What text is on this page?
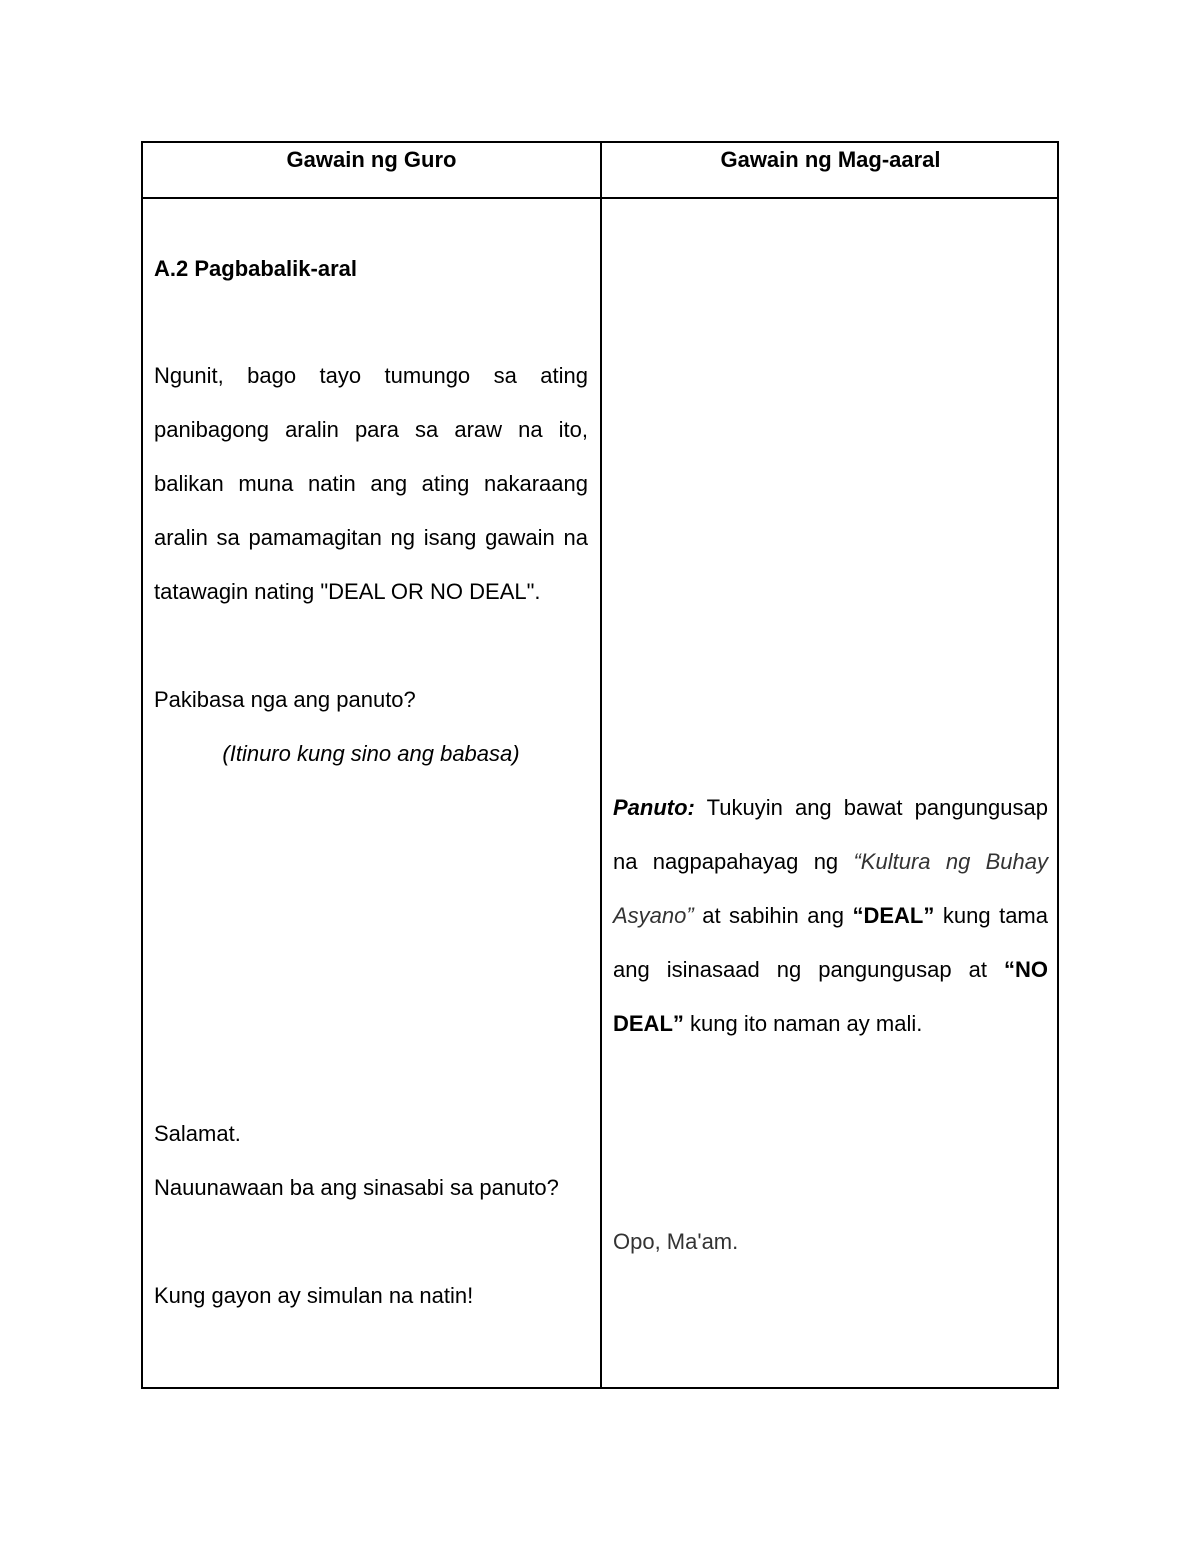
Gawain ng Guro	Gawain ng Mag-aaral
A.2 Pagbabalik-aral
Ngunit, bago tayo tumungo sa ating panibagong aralin para sa araw na ito, balikan muna natin ang ating nakaraang aralin sa pamamagitan ng isang gawain na tatawagin nating "DEAL OR NO DEAL".
Pakibasa nga ang panuto?
(Itinuro kung sino ang babasa)
Salamat.
Nauunawaan ba ang sinasabi sa panuto?
Kung gayon ay simulan na natin!
Panuto: Tukuyin ang bawat pangungusap na nagpapahayag ng “Kultura ng Buhay Asyano” at sabihin ang “DEAL” kung tama ang isinasaad ng pangungusap at “NO DEAL” kung ito naman ay mali.
Opo, Ma'am.
